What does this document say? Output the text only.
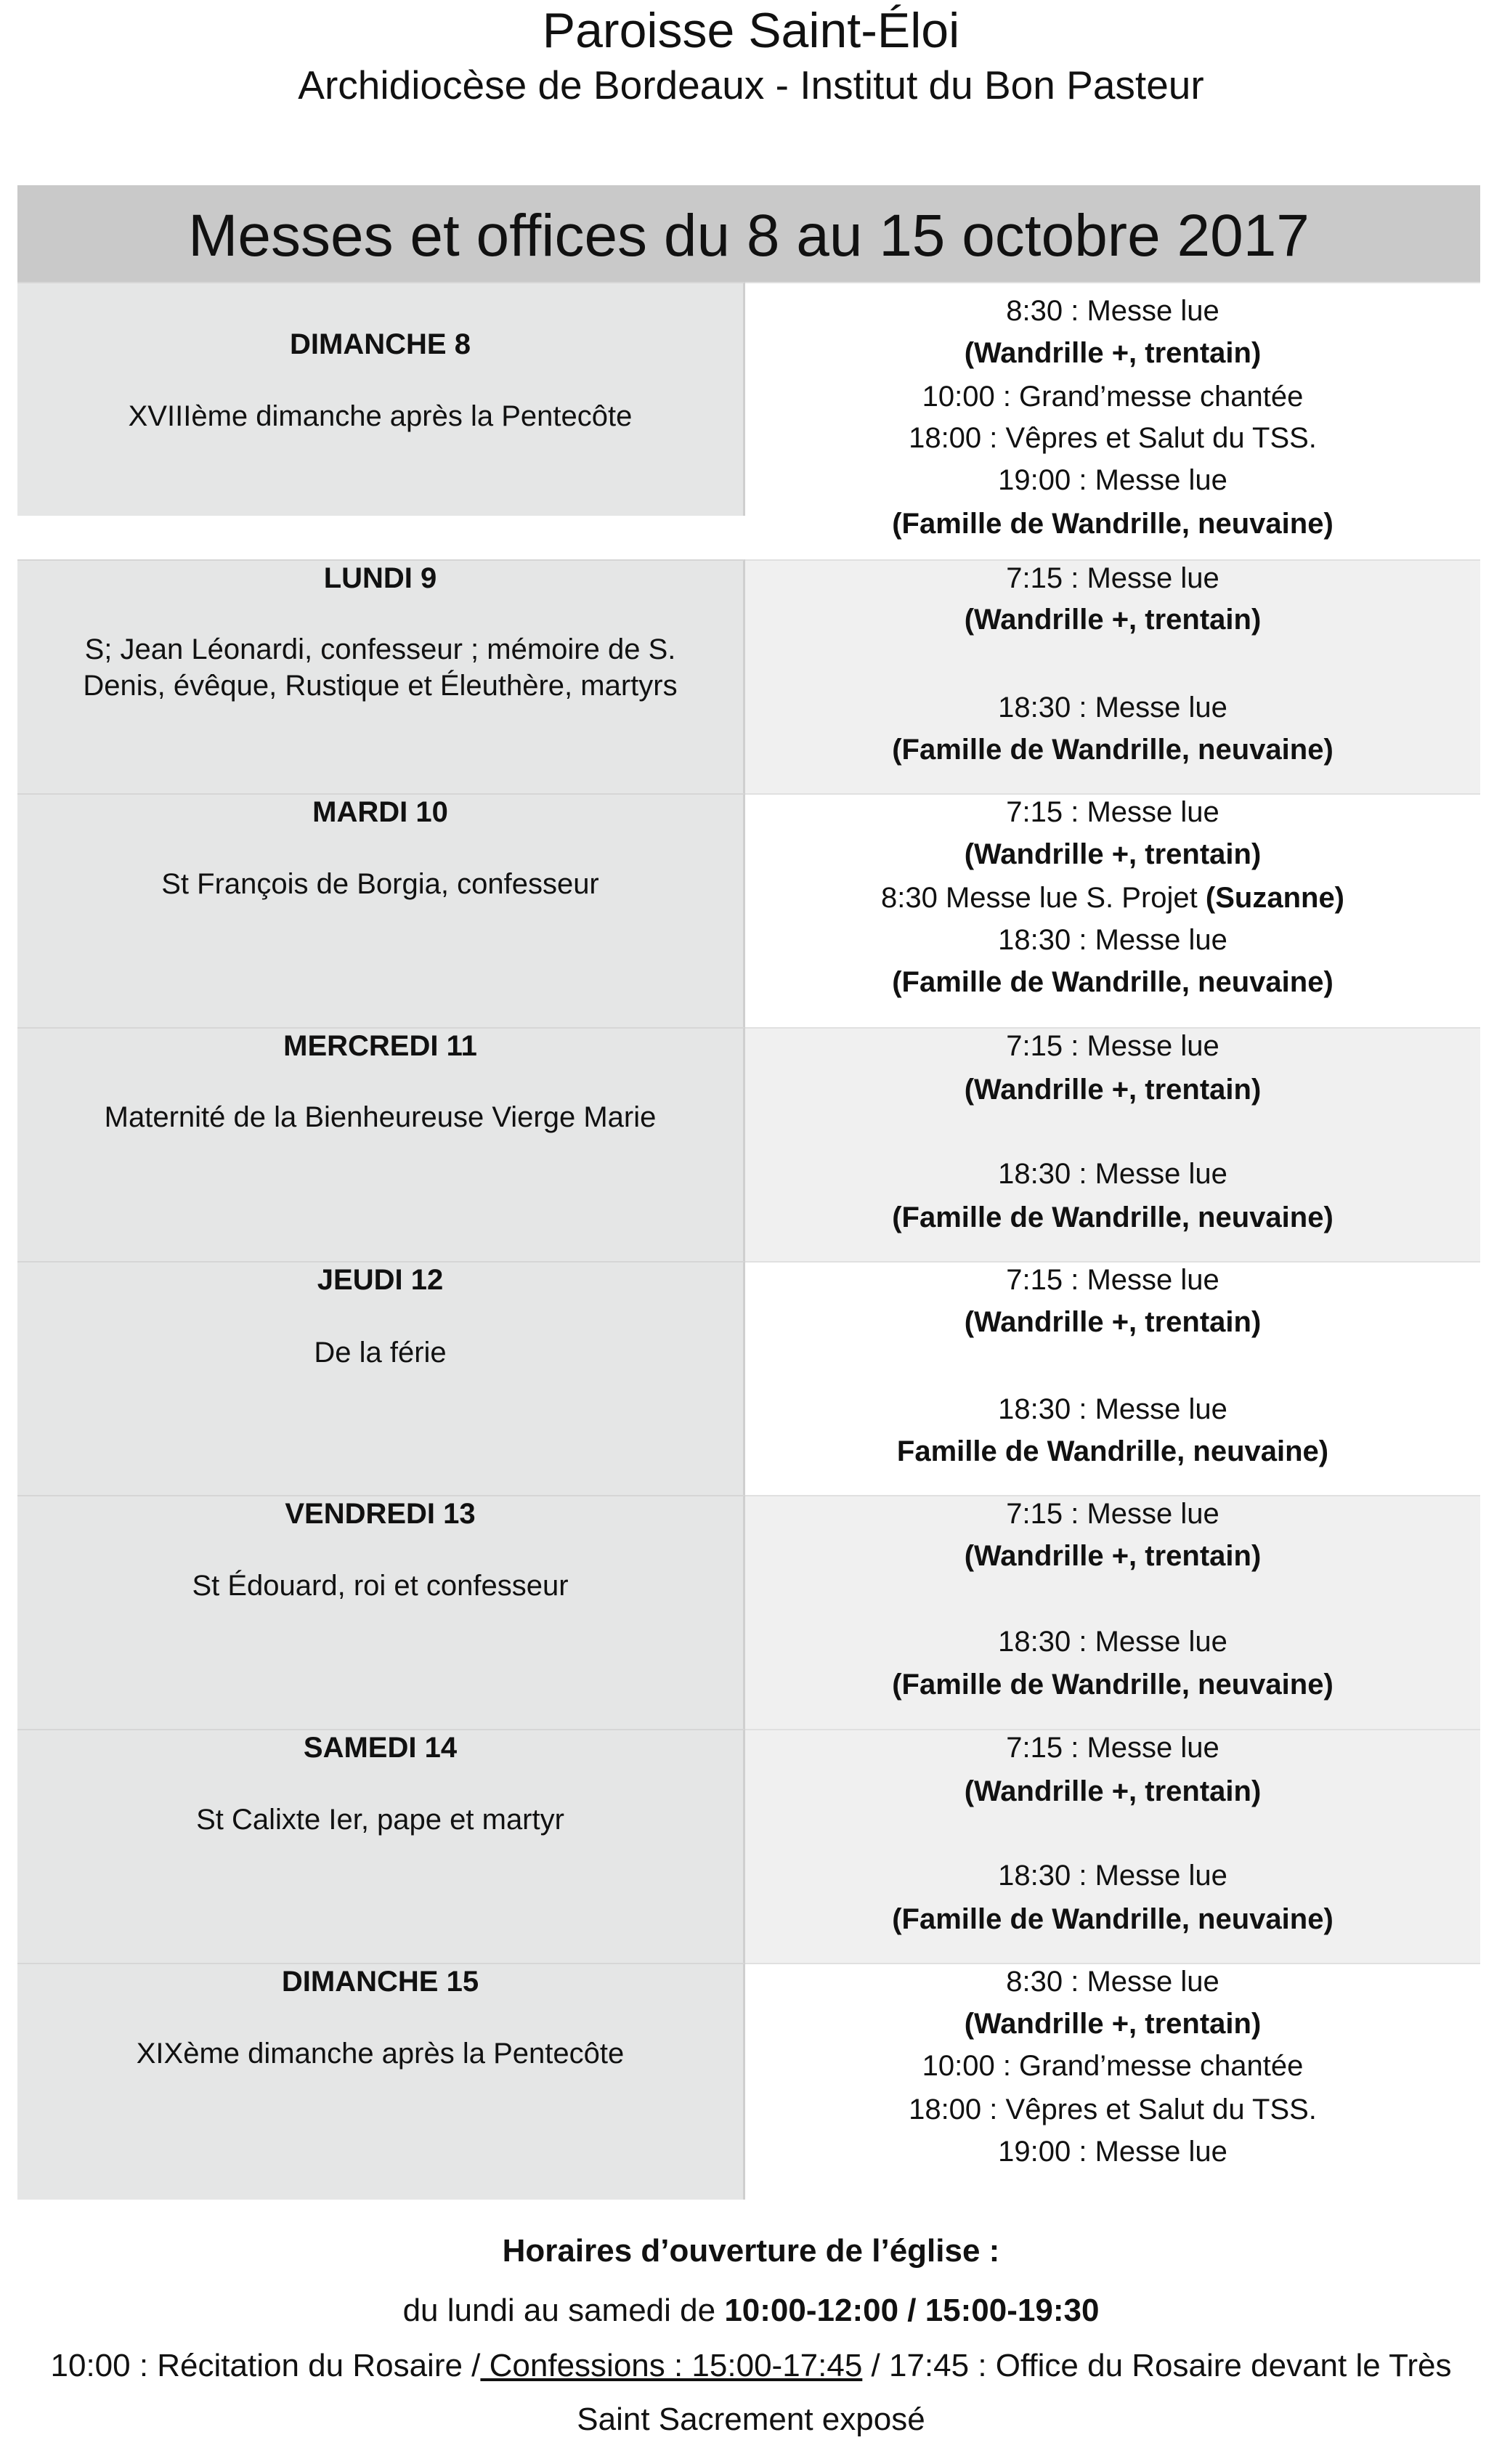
Paroisse Saint-Éloi
Archidiocèse de Bordeaux - Institut du Bon Pasteur
Messes et offices du 8 au 15 octobre 2017
DIMANCHE 8
XVIIIème dimanche après la Pentecôte
8:30 : Messe lue
(Wandrille +, trentain)
10:00 : Grand’messe chantée
18:00 : Vêpres et Salut du TSS.
19:00 : Messe lue
(Famille de Wandrille, neuvaine)
LUNDI 9
S; Jean Léonardi, confesseur ; mémoire de S.
Denis, évêque, Rustique et Éleuthère, martyrs
7:15 : Messe lue
(Wandrille +, trentain)
18:30 : Messe lue
(Famille de Wandrille, neuvaine)
MARDI 10
St François de Borgia, confesseur
7:15 : Messe lue
(Wandrille +, trentain)
8:30 Messe lue S. Projet (Suzanne)
18:30 : Messe lue
(Famille de Wandrille, neuvaine)
MERCREDI 11
Maternité de la Bienheureuse Vierge Marie
7:15 : Messe lue
(Wandrille +, trentain)
18:30 : Messe lue
(Famille de Wandrille, neuvaine)
JEUDI 12
De la férie
7:15 : Messe lue
(Wandrille +, trentain)
18:30 : Messe lue
Famille de Wandrille, neuvaine)
VENDREDI 13
St Édouard, roi et confesseur
7:15 : Messe lue
(Wandrille +, trentain)
18:30 : Messe lue
(Famille de Wandrille, neuvaine)
SAMEDI 14
St Calixte Ier, pape et martyr
7:15 : Messe lue
(Wandrille +, trentain)
18:30 : Messe lue
(Famille de Wandrille, neuvaine)
DIMANCHE 15
XIXème dimanche après la Pentecôte
8:30 : Messe lue
(Wandrille +, trentain)
10:00 : Grand’messe chantée
18:00 : Vêpres et Salut du TSS.
19:00 : Messe lue
Horaires d’ouverture de l’église :
du lundi au samedi de 10:00-12:00 / 15:00-19:30
10:00 : Récitation du Rosaire / Confessions : 15:00-17:45 / 17:45 : Office du Rosaire devant le Très
Saint Sacrement exposé
